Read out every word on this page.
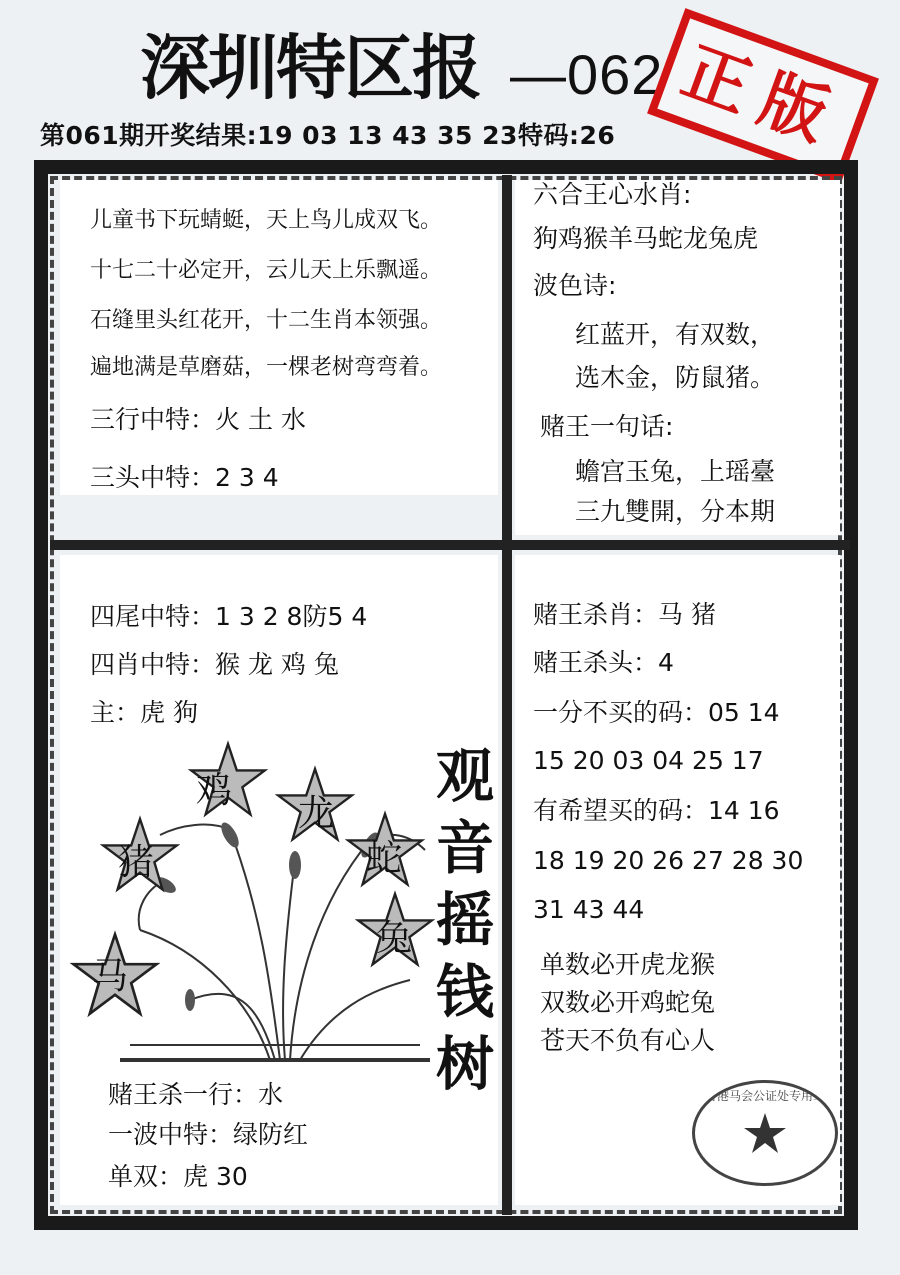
深圳特区报 —062 正版
第061期开奖结果:19 03 13 43 35 23特码:26
儿童书下玩蜻蜓，天上鸟儿成双飞。
十七二十必定开，云儿天上乐飘遥。
石缝里头红花开，十二生肖本领强。
遍地满是草磨菇，一棵老树弯弯着。
三行中特：火 土 水
三头中特：2 3 4
六合王心水肖:
狗鸡猴羊马蛇龙兔虎
波色诗:
红蓝开，有双数，
选木金，防鼠猪。
赌王一句话:
蟾宫玉兔，上瑶臺
三九雙開，分本期
四尾中特：1 3 2 8防5 4
四肖中特：猴 龙 鸡 兔
主：虎 狗
鸡
龙
猪	蛇
兔
马
观
音
摇
钱
树
赌王杀一行：水
一波中特：绿防红
单双：虎 30
赌王杀肖：马 猪
赌王杀头：4
一分不买的码：05 14
15 20 03 04 25 17
有希望买的码：14 16
18 19 20 26 27 28 30
31 43 44
单数必开虎龙猴
双数必开鸡蛇兔
苍天不负有心人
香港马会公证处专用章
